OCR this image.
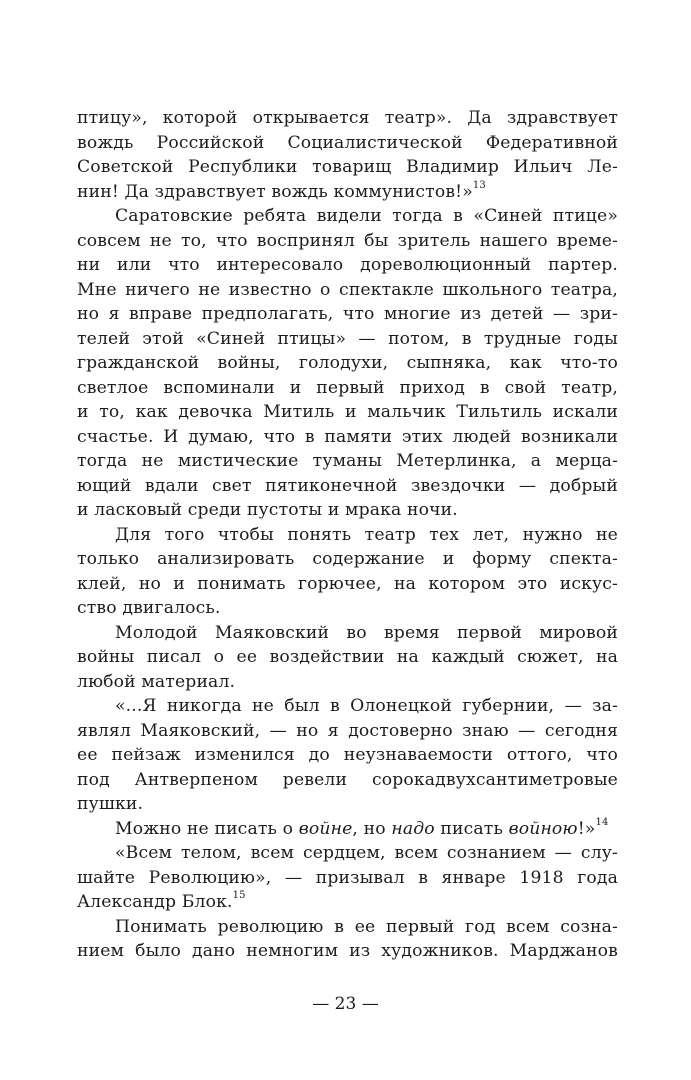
птицу», которой открывается театр». Да здравствует
вождь Российской Социалистической Федеративной
Советской Республики товарищ Владимир Ильич Ле-
нин! Да здравствует вождь коммунистов!»$^{13}$
Саратовские ребята видели тогда в «Синей птице»
совсем не то, что воспринял бы зритель нашего време-
ни или что интересовало дореволюционный партер.
Мне ничего не известно о спектакле школьного театра,
но я вправе предполагать, что многие из детей — зри-
телей этой «Синей птицы» — потом, в трудные годы
гражданской войны, голодухи, сыпняка, как что-то
светлое вспоминали и первый приход в свой театр,
и то, как девочка Митиль и мальчик Тильтиль искали
счастье. И думаю, что в памяти этих людей возникали
тогда не мистические туманы Метерлинка, а мерца-
ющий вдали свет пятиконечной звездочки — добрый
и ласковый среди пустоты и мрака ночи.
Для того чтобы понять театр тех лет, нужно не
только анализировать содержание и форму спекта-
клей, но и понимать горючее, на котором это искус-
ство двигалось.
Молодой Маяковский во время первой мировой
войны писал о ее воздействии на каждый сюжет, на
любой материал.
«...Я никогда не был в Олонецкой губернии, — за-
являл Маяковский, — но я достоверно знаю — сегодня
ее пейзаж изменился до неузнаваемости оттого, что
под Антверпеном ревели сорокадвухсантиметровые
пушки.
Можно не писать о войне, но надо писать войною!»$^{14}$
«Всем телом, всем сердцем, всем сознанием — слу-
шайте Революцию», — призывал в январе 1918 года
Александр Блок.$^{15}$
Понимать революцию в ее первый год всем созна-
нием было дано немногим из художников. Марджанов
— 23 —
